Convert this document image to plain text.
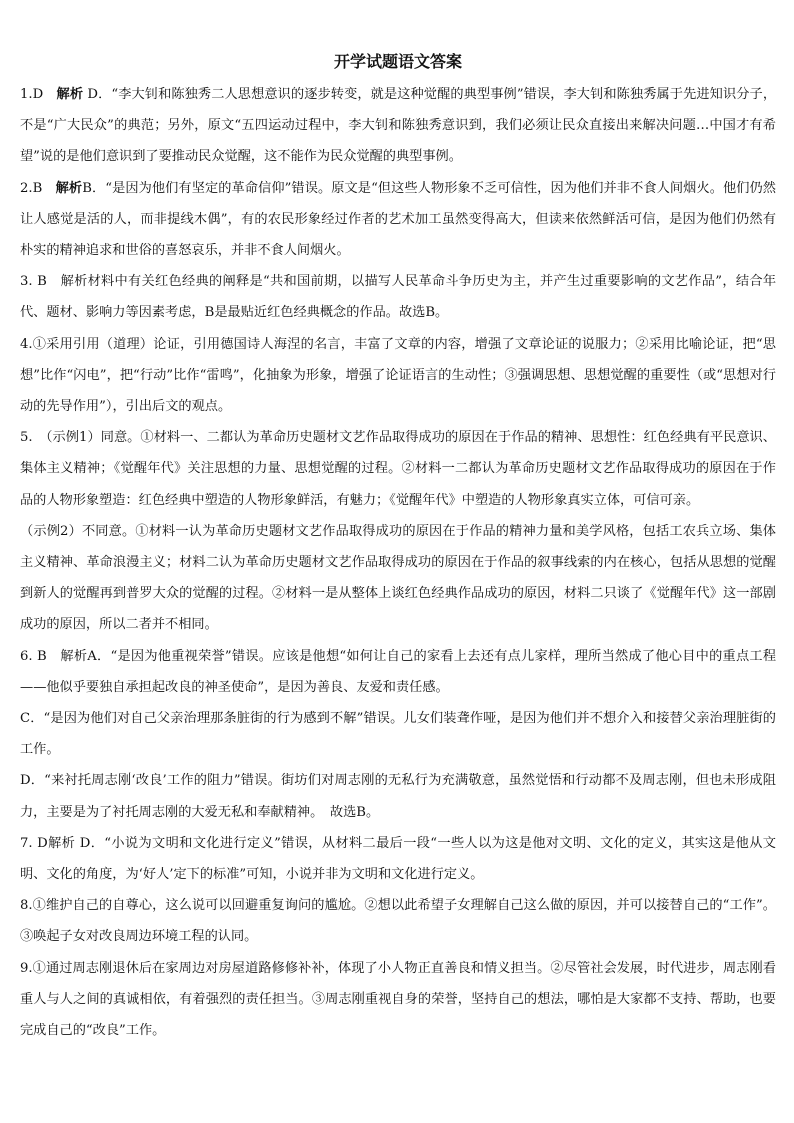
开学试题语文答案

1.D　解析 D．“李大钊和陈独秀二人思想意识的逐步转变，就是这种觉醒的典型事例”错误，李大钊和陈独秀属于先进知识分子，不是“广大民众”的典范；另外，原文“五四运动过程中，李大钊和陈独秀意识到，我们必须让民众直接出来解决问题…中国才有希望”说的是他们意识到了要推动民众觉醒，这不能作为民众觉醒的典型事例。

2.B　解析B．“是因为他们有坚定的革命信仰”错误。原文是“但这些人物形象不乏可信性，因为他们并非不食人间烟火。他们仍然让人感觉是活的人，而非提线木偶”，有的农民形象经过作者的艺术加工虽然变得高大，但读来依然鲜活可信，是因为他们仍然有朴实的精神追求和世俗的喜怒哀乐，并非不食人间烟火。

3. B　解析材料中有关红色经典的阐释是“共和国前期，以描写人民革命斗争历史为主，并产生过重要影响的文艺作品”，结合年代、题材、影响力等因素考虑，B是最贴近红色经典概念的作品。故选B。

4.①采用引用（道理）论证，引用德国诗人海涅的名言，丰富了文章的内容，增强了文章论证的说服力；②采用比喻论证，把“思想”比作“闪电”，把“行动”比作“雷鸣”，化抽象为形象，增强了论证语言的生动性；③强调思想、思想觉醒的重要性（或“思想对行动的先导作用”），引出后文的观点。

5.　（示例1）同意。①材料一、二都认为革命历史题材文艺作品取得成功的原因在于作品的精神、思想性：红色经典有平民意识、集体主义精神；《觉醒年代》关注思想的力量、思想觉醒的过程。②材料一二都认为革命历史题材文艺作品取得成功的原因在于作品的人物形象塑造：红色经典中塑造的人物形象鲜活，有魅力；《觉醒年代》中塑造的人物形象真实立体，可信可亲。

（示例2）不同意。①材料一认为革命历史题材文艺作品取得成功的原因在于作品的精神力量和美学风格，包括工农兵立场、集体主义精神、革命浪漫主义；材料二认为革命历史题材文艺作品取得成功的原因在于作品的叙事线索的内在核心，包括从思想的觉醒到新人的觉醒再到普罗大众的觉醒的过程。②材料一是从整体上谈红色经典作品成功的原因，材料二只谈了《觉醒年代》这一部剧成功的原因，所以二者并不相同。

6. B　解析A．“是因为他重视荣誉”错误。应该是他想“如何让自己的家看上去还有点儿家样，理所当然成了他心目中的重点工程——他似乎要独自承担起改良的神圣使命”，是因为善良、友爱和责任感。

C．“是因为他们对自己父亲治理那条脏街的行为感到不解”错误。儿女们装聋作哑，是因为他们并不想介入和接替父亲治理脏街的工作。

D．“来衬托周志刚‘改良’工作的阻力”错误。街坊们对周志刚的无私行为充满敬意，虽然觉悟和行动都不及周志刚，但也未形成阻力，主要是为了衬托周志刚的大爱无私和奉献精神。　故选B。

7. D解析 D．“小说为文明和文化进行定义”错误，从材料二最后一段“一些人以为这是他对文明、文化的定义，其实这是他从文明、文化的角度，为‘好人’定下的标准”可知，小说并非为文明和文化进行定义。

8.①维护自己的自尊心，这么说可以回避重复询问的尴尬。②想以此希望子女理解自己这么做的原因，并可以接替自己的“工作”。③唤起子女对改良周边环境工程的认同。

9.①通过周志刚退休后在家周边对房屋道路修修补补，体现了小人物正直善良和情义担当。②尽管社会发展，时代进步，周志刚看重人与人之间的真诚相依，有着强烈的责任担当。③周志刚重视自身的荣誉，坚持自己的想法，哪怕是大家都不支持、帮助，也要完成自己的“改良”工作。
